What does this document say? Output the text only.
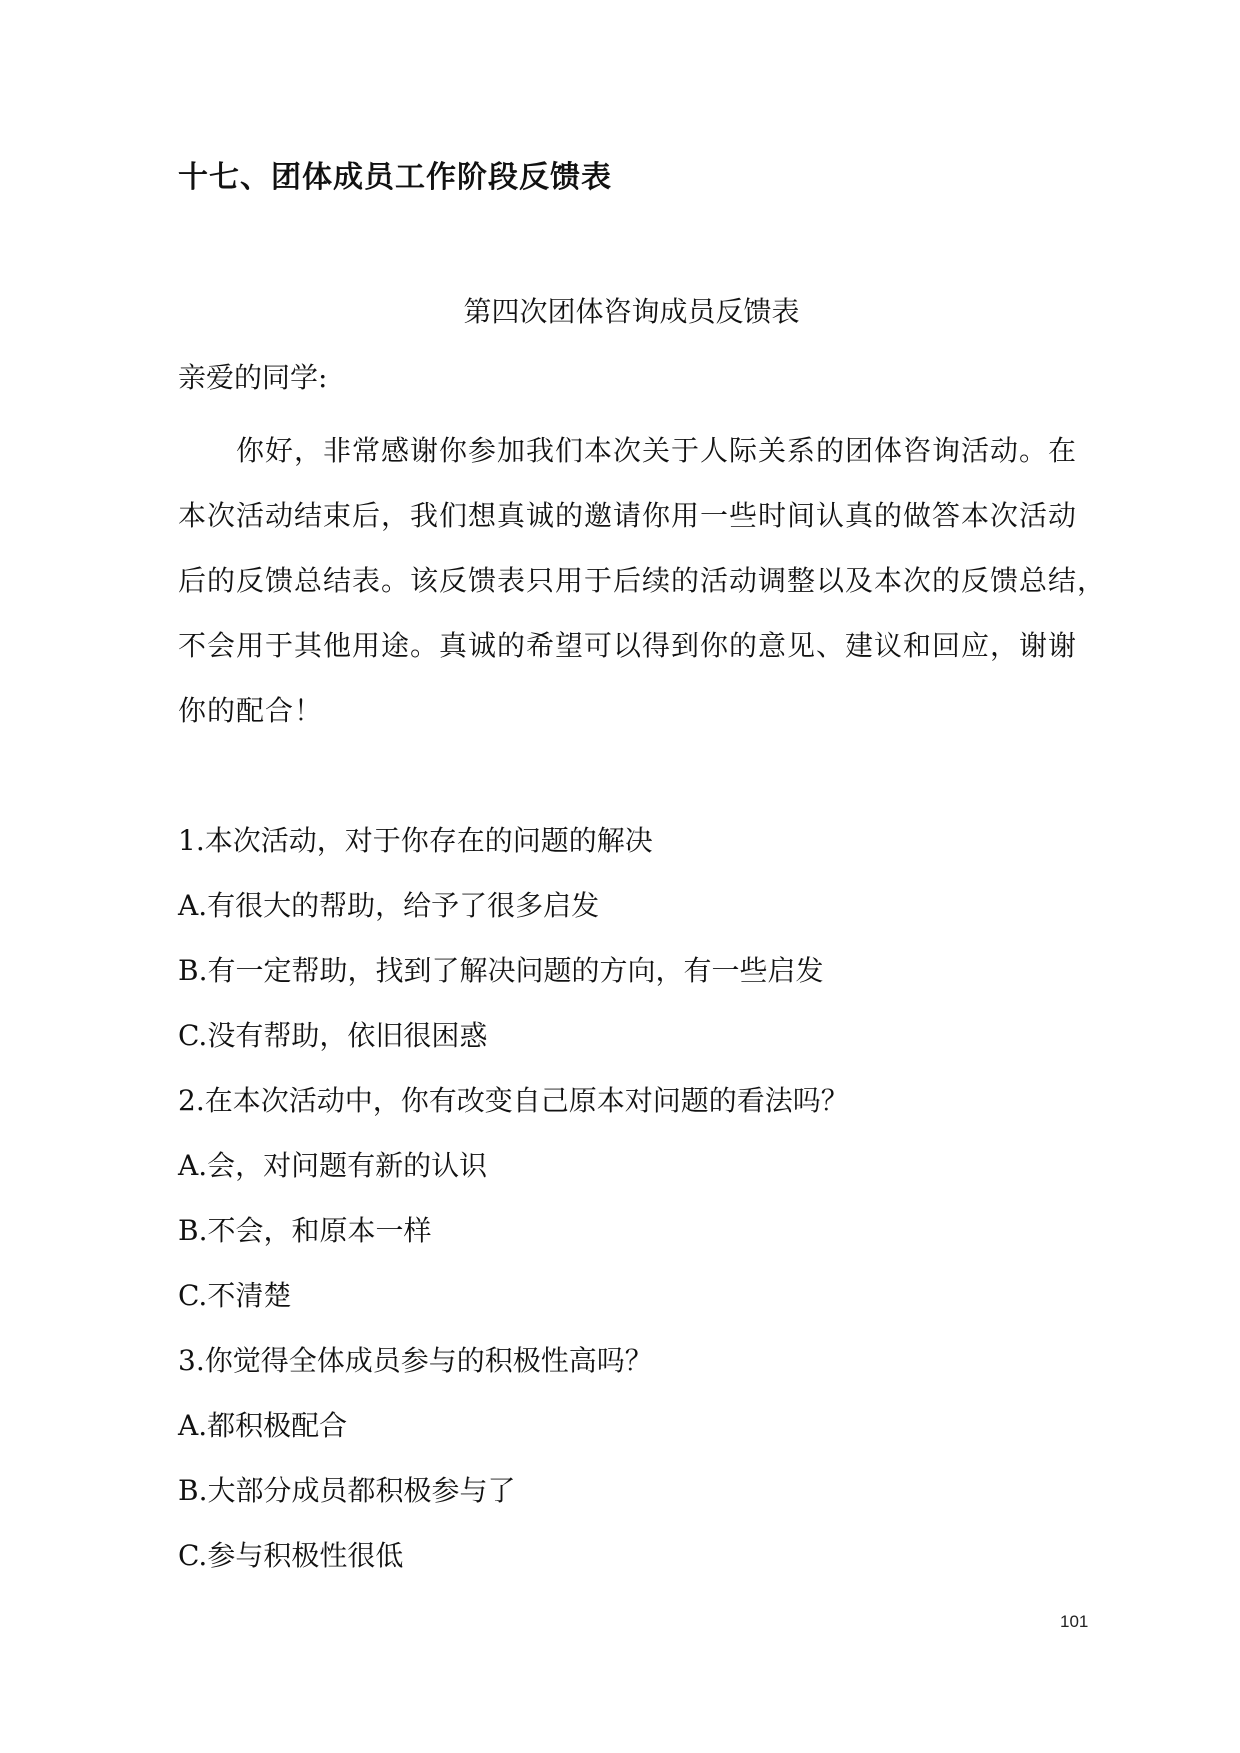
十七、团体成员工作阶段反馈表
第四次团体咨询成员反馈表

亲爱的同学:

　　你好，非常感谢你参加我们本次关于人际关系的团体咨询活动。在
本次活动结束后，我们想真诚的邀请你用一些时间认真的做答本次活动
后的反馈总结表。该反馈表只用于后续的活动调整以及本次的反馈总结，
不会用于其他用途。真诚的希望可以得到你的意见、建议和回应，谢谢
你的配合！

1.本次活动，对于你存在的问题的解决
A.有很大的帮助，给予了很多启发
B.有一定帮助，找到了解决问题的方向，有一些启发
C.没有帮助，依旧很困惑
2.在本次活动中，你有改变自己原本对问题的看法吗？
A.会，对问题有新的认识
B.不会，和原本一样
C.不清楚
3.你觉得全体成员参与的积极性高吗？
A.都积极配合
B.大部分成员都积极参与了
C.参与积极性很低
101
